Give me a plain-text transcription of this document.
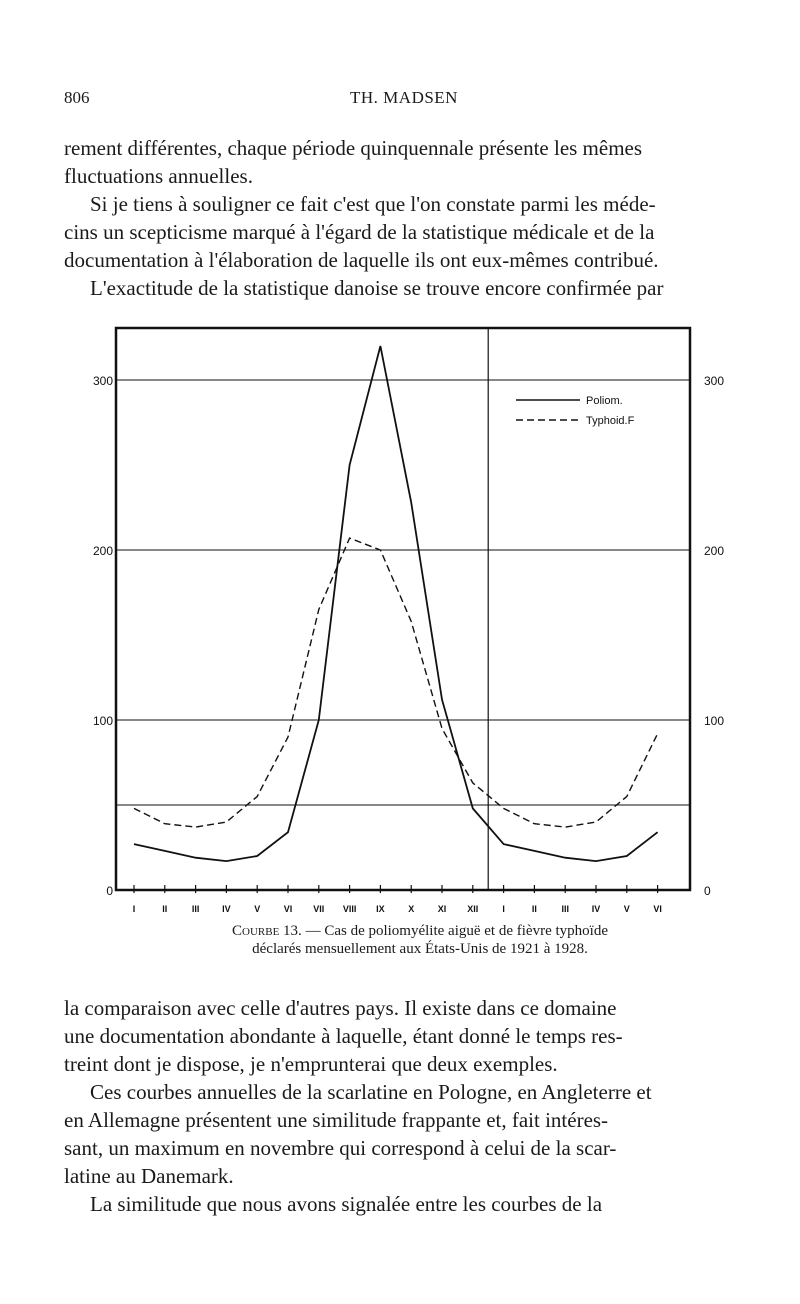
806	TH. MADSEN
rement différentes, chaque période quinquennale présente les mêmes
fluctuations annuelles.
Si je tiens à souligner ce fait c'est que l'on constate parmi les méde-
cins un scepticisme marqué à l'égard de la statistique médicale et de la
documentation à l'élaboration de laquelle ils ont eux-mêmes contribué.
L'exactitude de la statistique danoise se trouve encore confirmée par
0	0
100	100
200	200
300	300
I	II	III	IV	V	VI VII VIII IX	X	XI XII	I	II	III	IV	V	VI
Poliom.
Typhoid.F
Courbe 13. — Cas de poliomyélite aiguë et de fièvre typhoïde
déclarés mensuellement aux États-Unis de 1921 à 1928.
la comparaison avec celle d'autres pays. Il existe dans ce domaine
une documentation abondante à laquelle, étant donné le temps res-
treint dont je dispose, je n'emprunterai que deux exemples.
Ces courbes annuelles de la scarlatine en Pologne, en Angleterre et
en Allemagne présentent une similitude frappante et, fait intéres-
sant, un maximum en novembre qui correspond à celui de la scar-
latine au Danemark.
La similitude que nous avons signalée entre les courbes de la
